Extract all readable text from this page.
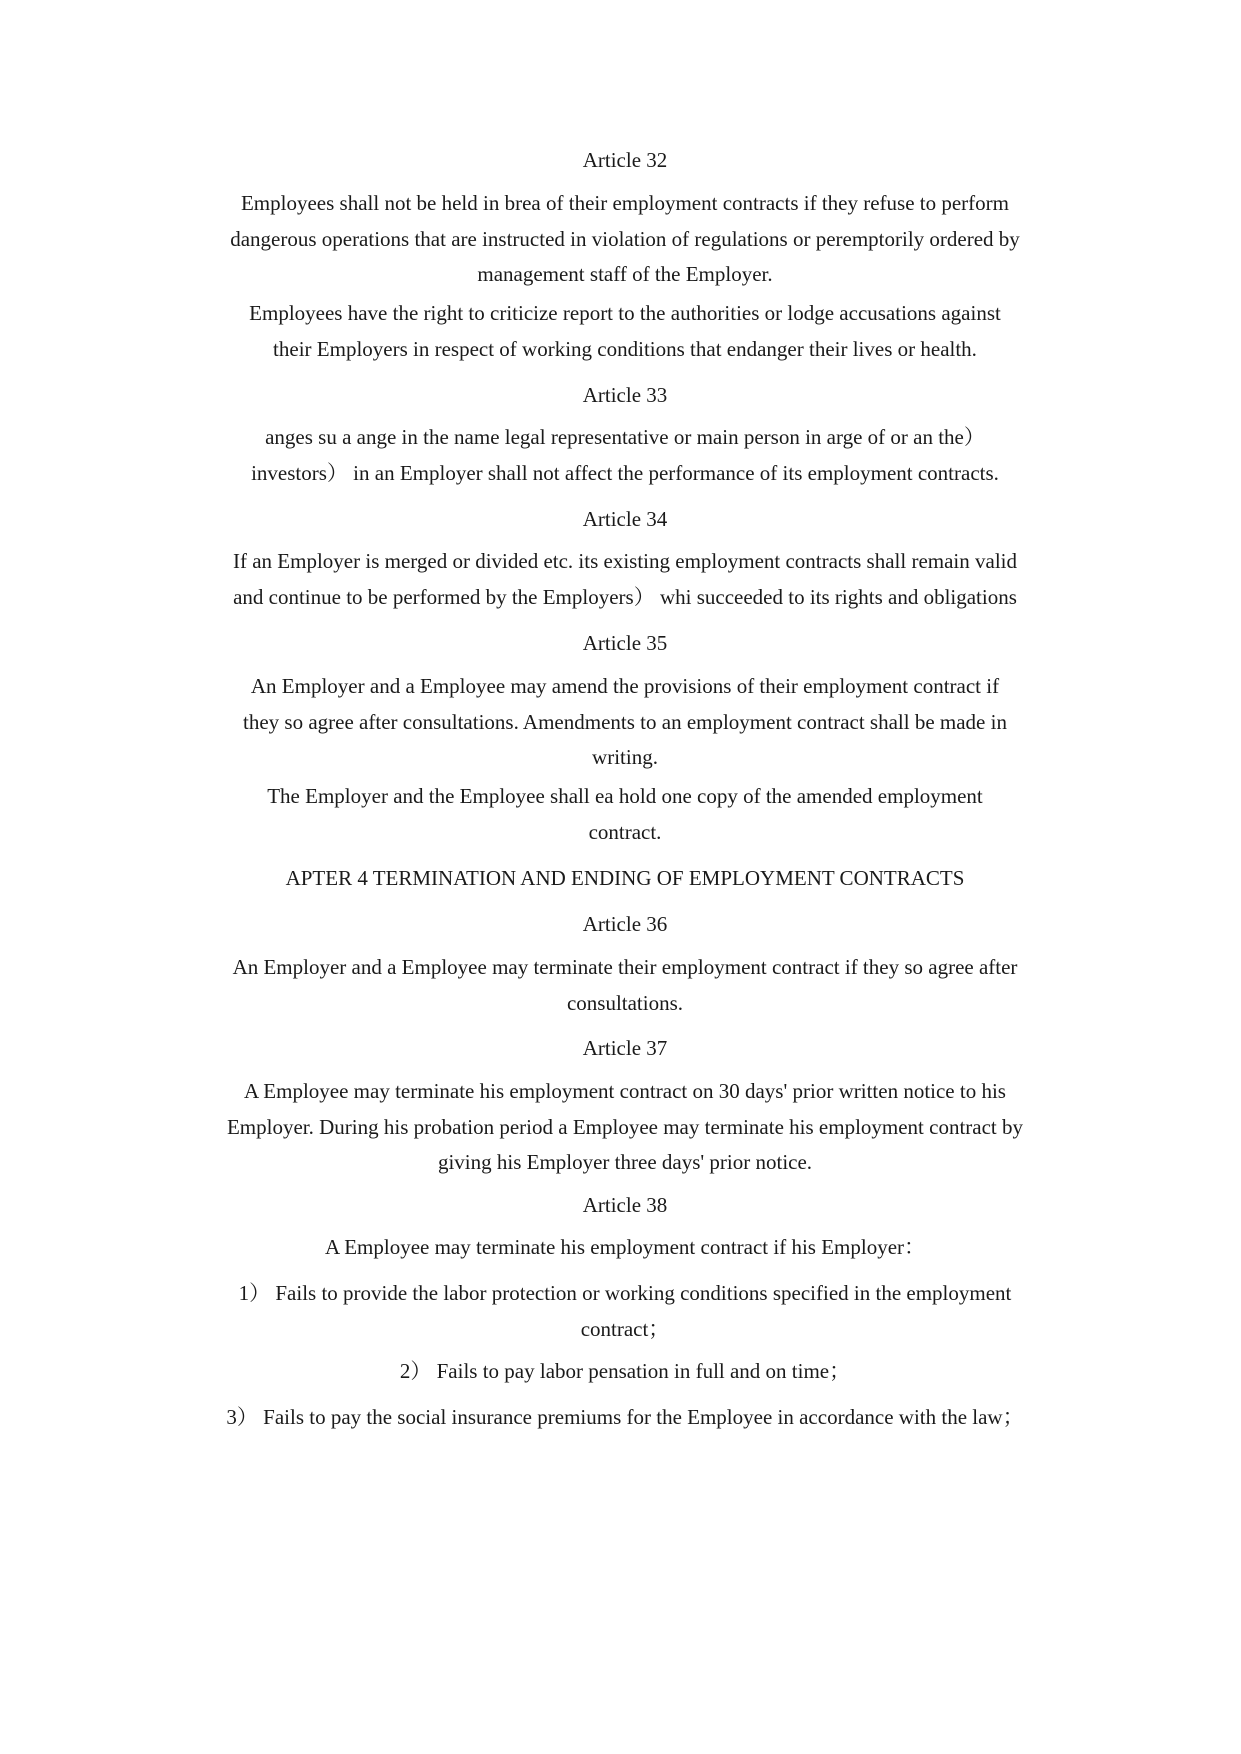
Article 32
Employees shall not be held in brea of their employment contracts if they refuse to perform
dangerous operations that are instructed in violation of regulations or peremptorily ordered by
management staff of the Employer.
Employees have the right to criticize report to the authorities or lodge accusations against
their Employers in respect of working conditions that endanger their lives or health.
Article 33
anges su a ange in the name legal representative or main person in arge of or an the）
investors） in an Employer shall not affect the performance of its employment contracts.
Article 34
If an Employer is merged or divided etc. its existing employment contracts shall remain valid
and continue to be performed by the Employers） whi succeeded to its rights and obligations
Article 35
An Employer and a Employee may amend the provisions of their employment contract if
they so agree after consultations. Amendments to an employment contract shall be made in
writing.
The Employer and the Employee shall ea hold one copy of the amended employment
contract.
APTER 4 TERMINATION AND ENDING OF EMPLOYMENT CONTRACTS
Article 36
An Employer and a Employee may terminate their employment contract if they so agree after
consultations.
Article 37
A Employee may terminate his employment contract on 30 days' prior written notice to his
Employer. During his probation period a Employee may terminate his employment contract by
giving his Employer three days' prior notice.
Article 38
A Employee may terminate his employment contract if his Employer：
1） Fails to provide the labor protection or working conditions specified in the employment
contract；
2） Fails to pay labor pensation in full and on time；
3） Fails to pay the social insurance premiums for the Employee in accordance with the law；
